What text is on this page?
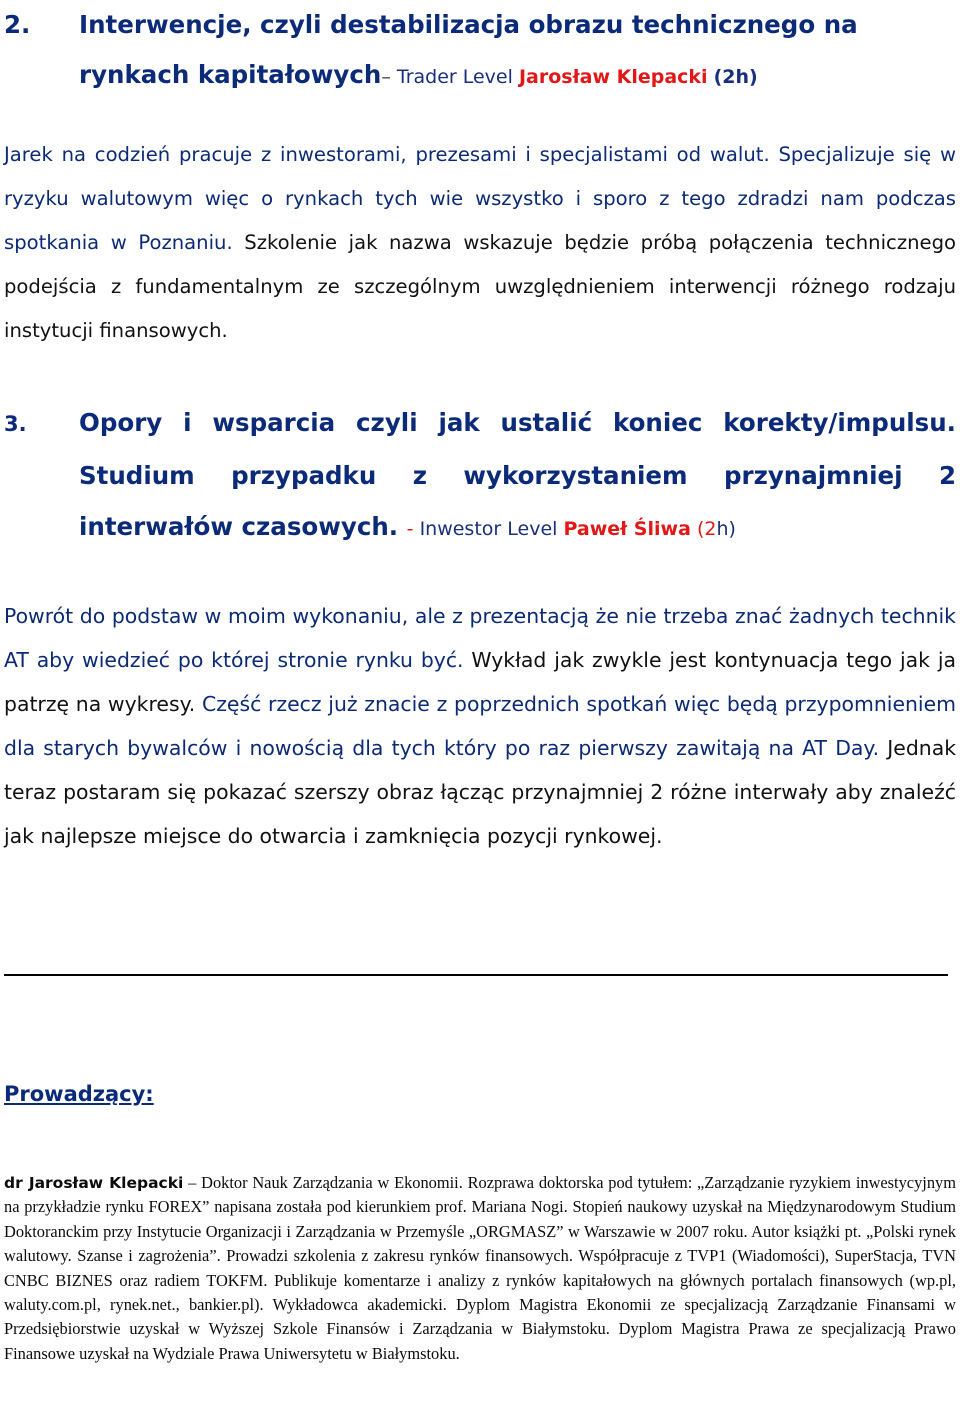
2. Interwencje, czyli destabilizacja obrazu technicznego na
rynkach kapitałowych– Trader Level Jarosław Klepacki (2h)
Jarek na codzień pracuje z inwestorami, prezesami i specjalistami od walut. Specjalizuje się w ryzyku walutowym więc o rynkach tych wie wszystko i sporo z tego zdradzi nam podczas spotkania w Poznaniu. Szkolenie jak nazwa wskazuje będzie próbą połączenia technicznego podejścia z fundamentalnym ze szczególnym uwzględnieniem interwencji różnego rodzaju instytucji finansowych.
3. Opory i wsparcia czyli jak ustalić koniec korekty/impulsu.
Studium przypadku z wykorzystaniem przynajmniej 2
interwałów czasowych. - Inwestor Level Paweł Śliwa (2h)
Powrót do podstaw w moim wykonaniu, ale z prezentacją że nie trzeba znać żadnych technik AT aby wiedzieć po której stronie rynku być. Wykład jak zwykle jest kontynuacja tego jak ja patrzę na wykresy. Część rzecz już znacie z poprzednich spotkań więc będą przypomnieniem dla starych bywalców i nowością dla tych który po raz pierwszy zawitają na AT Day. Jednak teraz postaram się pokazać szerszy obraz łącząc przynajmniej 2 różne interwały aby znaleźć jak najlepsze miejsce do otwarcia i zamknięcia pozycji rynkowej.
Prowadzący:
dr Jarosław Klepacki – Doktor Nauk Zarządzania w Ekonomii. Rozprawa doktorska pod tytułem: „Zarządzanie ryzykiem inwestycyjnym na przykładzie rynku FOREX” napisana została pod kierunkiem prof. Mariana Nogi. Stopień naukowy uzyskał na Międzynarodowym Studium Doktoranckim przy Instytucie Organizacji i Zarządzania w Przemyśle „ORGMASZ” w Warszawie w 2007 roku. Autor książki pt. „Polski rynek walutowy. Szanse i zagrożenia”. Prowadzi szkolenia z zakresu rynków finansowych. Współpracuje z TVP1 (Wiadomości), SuperStacja, TVN CNBC BIZNES oraz radiem TOKFM. Publikuje komentarze i analizy z rynków kapitałowych na głównych portalach finansowych (wp.pl, waluty.com.pl, rynek.net., bankier.pl). Wykładowca akademicki. Dyplom Magistra Ekonomii ze specjalizacją Zarządzanie Finansami w Przedsiębiorstwie uzyskał w Wyższej Szkole Finansów i Zarządzania w Białymstoku. Dyplom Magistra Prawa ze specjalizacją Prawo Finansowe uzyskał na Wydziale Prawa Uniwersytetu w Białymstoku.
